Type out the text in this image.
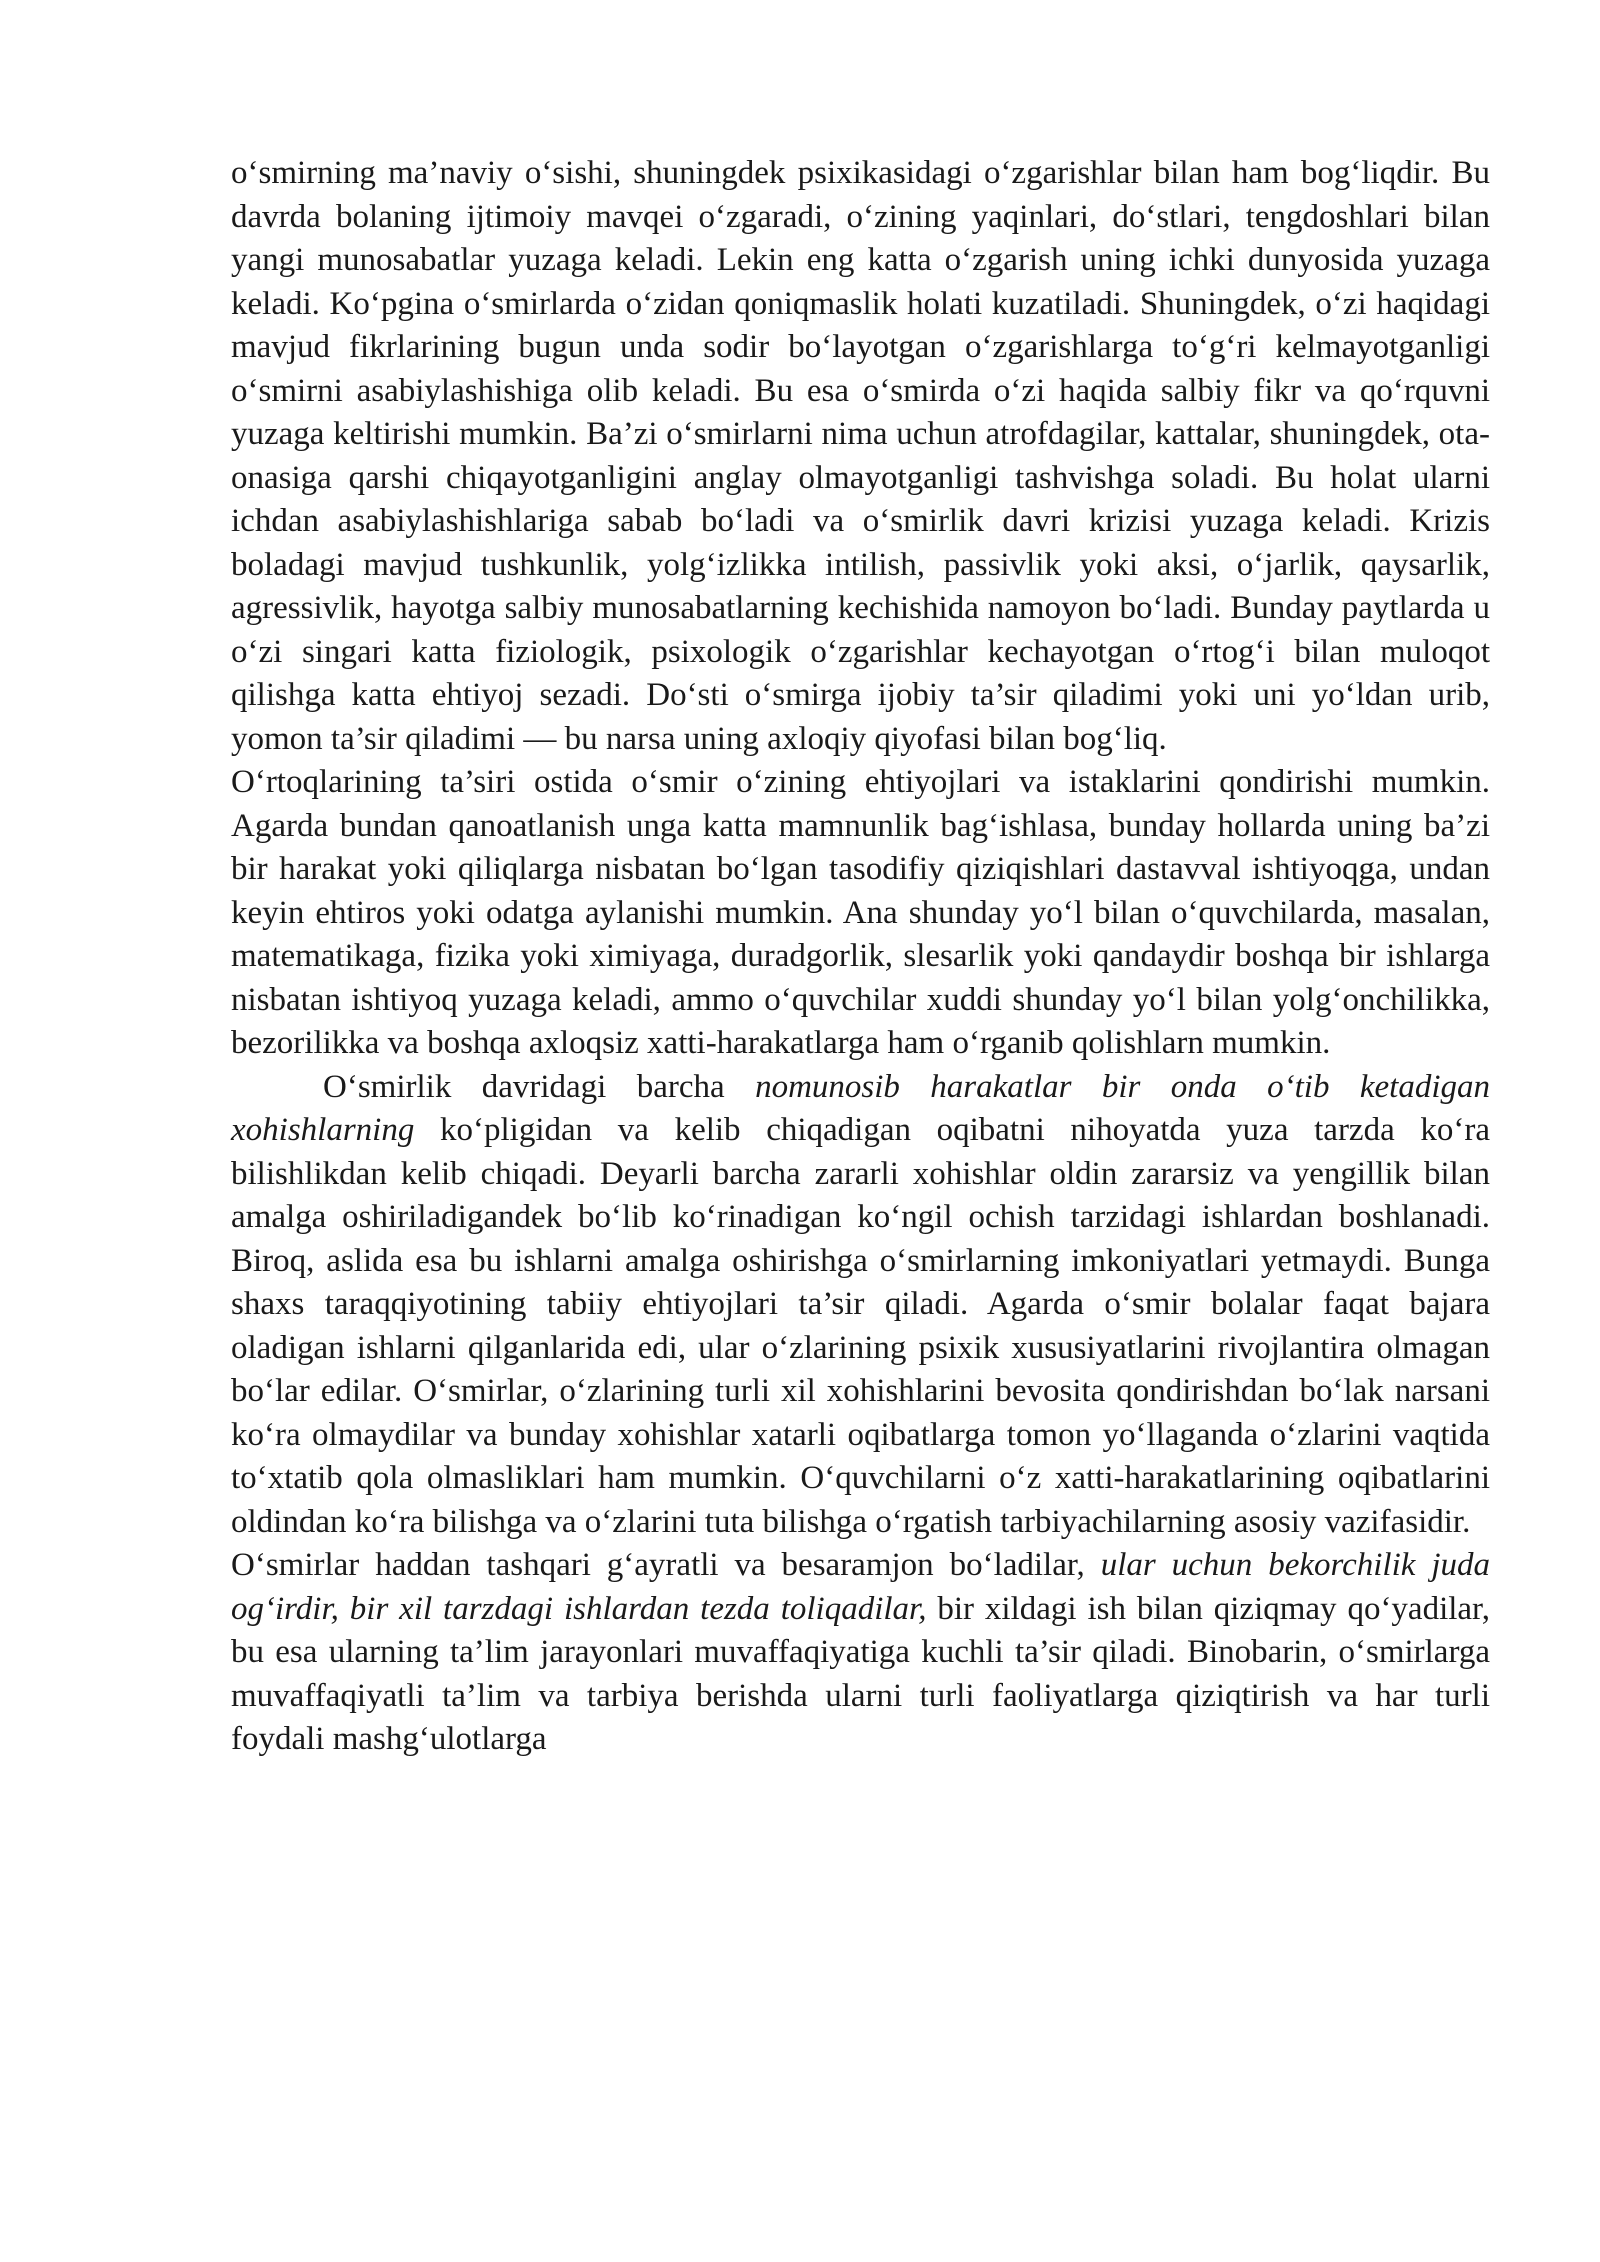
o‘smirning ma’naviy o‘sishi, shuningdek psixikasidagi o‘zgarishlar bilan ham bog‘liqdir. Bu davrda bolaning ijtimoiy mavqei o‘zgaradi, o‘zining yaqinlari, do‘stlari, tengdoshlari bilan yangi munosabatlar yuzaga keladi. Lekin eng katta o‘zgarish uning ichki dunyosida yuzaga keladi. Ko‘pgina o‘smirlarda o‘zidan qoniqmaslik holati kuzatiladi. Shuningdek, o‘zi haqidagi mavjud fikrlarining bugun unda sodir bo‘layotgan o‘zgarishlarga to‘g‘ri kelmayotganligi o‘smirni asabiylashishiga olib keladi. Bu esa o‘smirda o‘zi haqida salbiy fikr va qo‘rquvni yuzaga keltirishi mumkin. Ba’zi o‘smirlarni nima uchun atrofdagilar, kattalar, shuningdek, ota-onasiga qarshi chiqayotganligini anglay olmayotganligi tashvishga soladi. Bu holat ularni ichdan asabiylashishlariga sabab bo‘ladi va o‘smirlik davri krizisi yuzaga keladi. Krizis boladagi mavjud tushkunlik, yolg‘izlikka intilish, passivlik yoki aksi, o‘jarlik, qaysarlik, agressivlik, hayotga salbiy munosabatlarning kechishida namoyon bo‘ladi. Bunday paytlarda u o‘zi singari katta fiziologik, psixologik o‘zgarishlar kechayotgan o‘rtog‘i bilan muloqot qilishga katta ehtiyoj sezadi. Do‘sti o‘smirga ijobiy ta’sir qiladimi yoki uni yo‘ldan urib, yomon ta’sir qiladimi — bu narsa uning axloqiy qiyofasi bilan bog‘liq.

O‘rtoqlarining ta’siri ostida o‘smir o‘zining ehtiyojlari va istaklarini qondirishi mumkin. Agarda bundan qanoatlanish unga katta mamnunlik bag‘ishlasa, bunday hollarda uning ba’zi bir harakat yoki qiliqlarga nisbatan bo‘lgan tasodifiy qiziqishlari dastavval ishtiyoqga, undan keyin ehtiros yoki odatga aylanishi mumkin. Ana shunday yo‘l bilan o‘quvchilarda, masalan, matematikaga, fizika yoki ximiyaga, duradgorlik, slesarlik yoki qandaydir boshqa bir ishlarga nisbatan ishtiyoq yuzaga keladi, ammo o‘quvchilar xuddi shunday yo‘l bilan yolg‘onchilikka, bezorilikka va boshqa axloqsiz xatti-harakatlarga ham o‘rganib qolishlarn mumkin.

O‘smirlik davridagi barcha nomunosib harakatlar bir onda o‘tib ketadigan xohishlarning ko‘pligidan va kelib chiqadigan oqibatni nihoyatda yuza tarzda ko‘ra bilishlikdan kelib chiqadi. Deyarli barcha zararli xohishlar oldin zararsiz va yengillik bilan amalga oshiriladigandek bo‘lib ko‘rinadigan ko‘ngil ochish tarzidagi ishlardan boshlanadi. Biroq, aslida esa bu ishlarni amalga oshirishga o‘smirlarning imkoniyatlari yetmaydi. Bunga shaxs taraqqiyotining tabiiy ehtiyojlari ta’sir qiladi. Agarda o‘smir bolalar faqat bajara oladigan ishlarni qilganlarida edi, ular o‘zlarining psixik xususiyatlarini rivojlantira olmagan bo‘lar edilar. O‘smirlar, o‘zlarining turli xil xohishlarini bevosita qondirishdan bo‘lak narsani ko‘ra olmaydilar va bunday xohishlar xatarli oqibatlarga tomon yo‘llaganda o‘zlarini vaqtida to‘xtatib qola olmasliklari ham mumkin. O‘quvchilarni o‘z xatti-harakatlarining oqibatlarini oldindan ko‘ra bilishga va o‘zlarini tuta bilishga o‘rgatish tarbiyachilarning asosiy vazifasidir.

O‘smirlar haddan tashqari g‘ayratli va besaramjon bo‘ladilar, ular uchun bekorchilik juda og‘irdir, bir xil tarzdagi ishlardan tezda toliqadilar, bir xildagi ish bilan qiziqmay qo‘yadilar, bu esa ularning ta’lim jarayonlari muvaffaqiyatiga kuchli ta’sir qiladi. Binobarin, o‘smirlarga muvaffaqiyatli ta’lim va tarbiya berishda ularni turli faoliyatlarga qiziqtirish va har turli foydali mashg‘ulotlarga
